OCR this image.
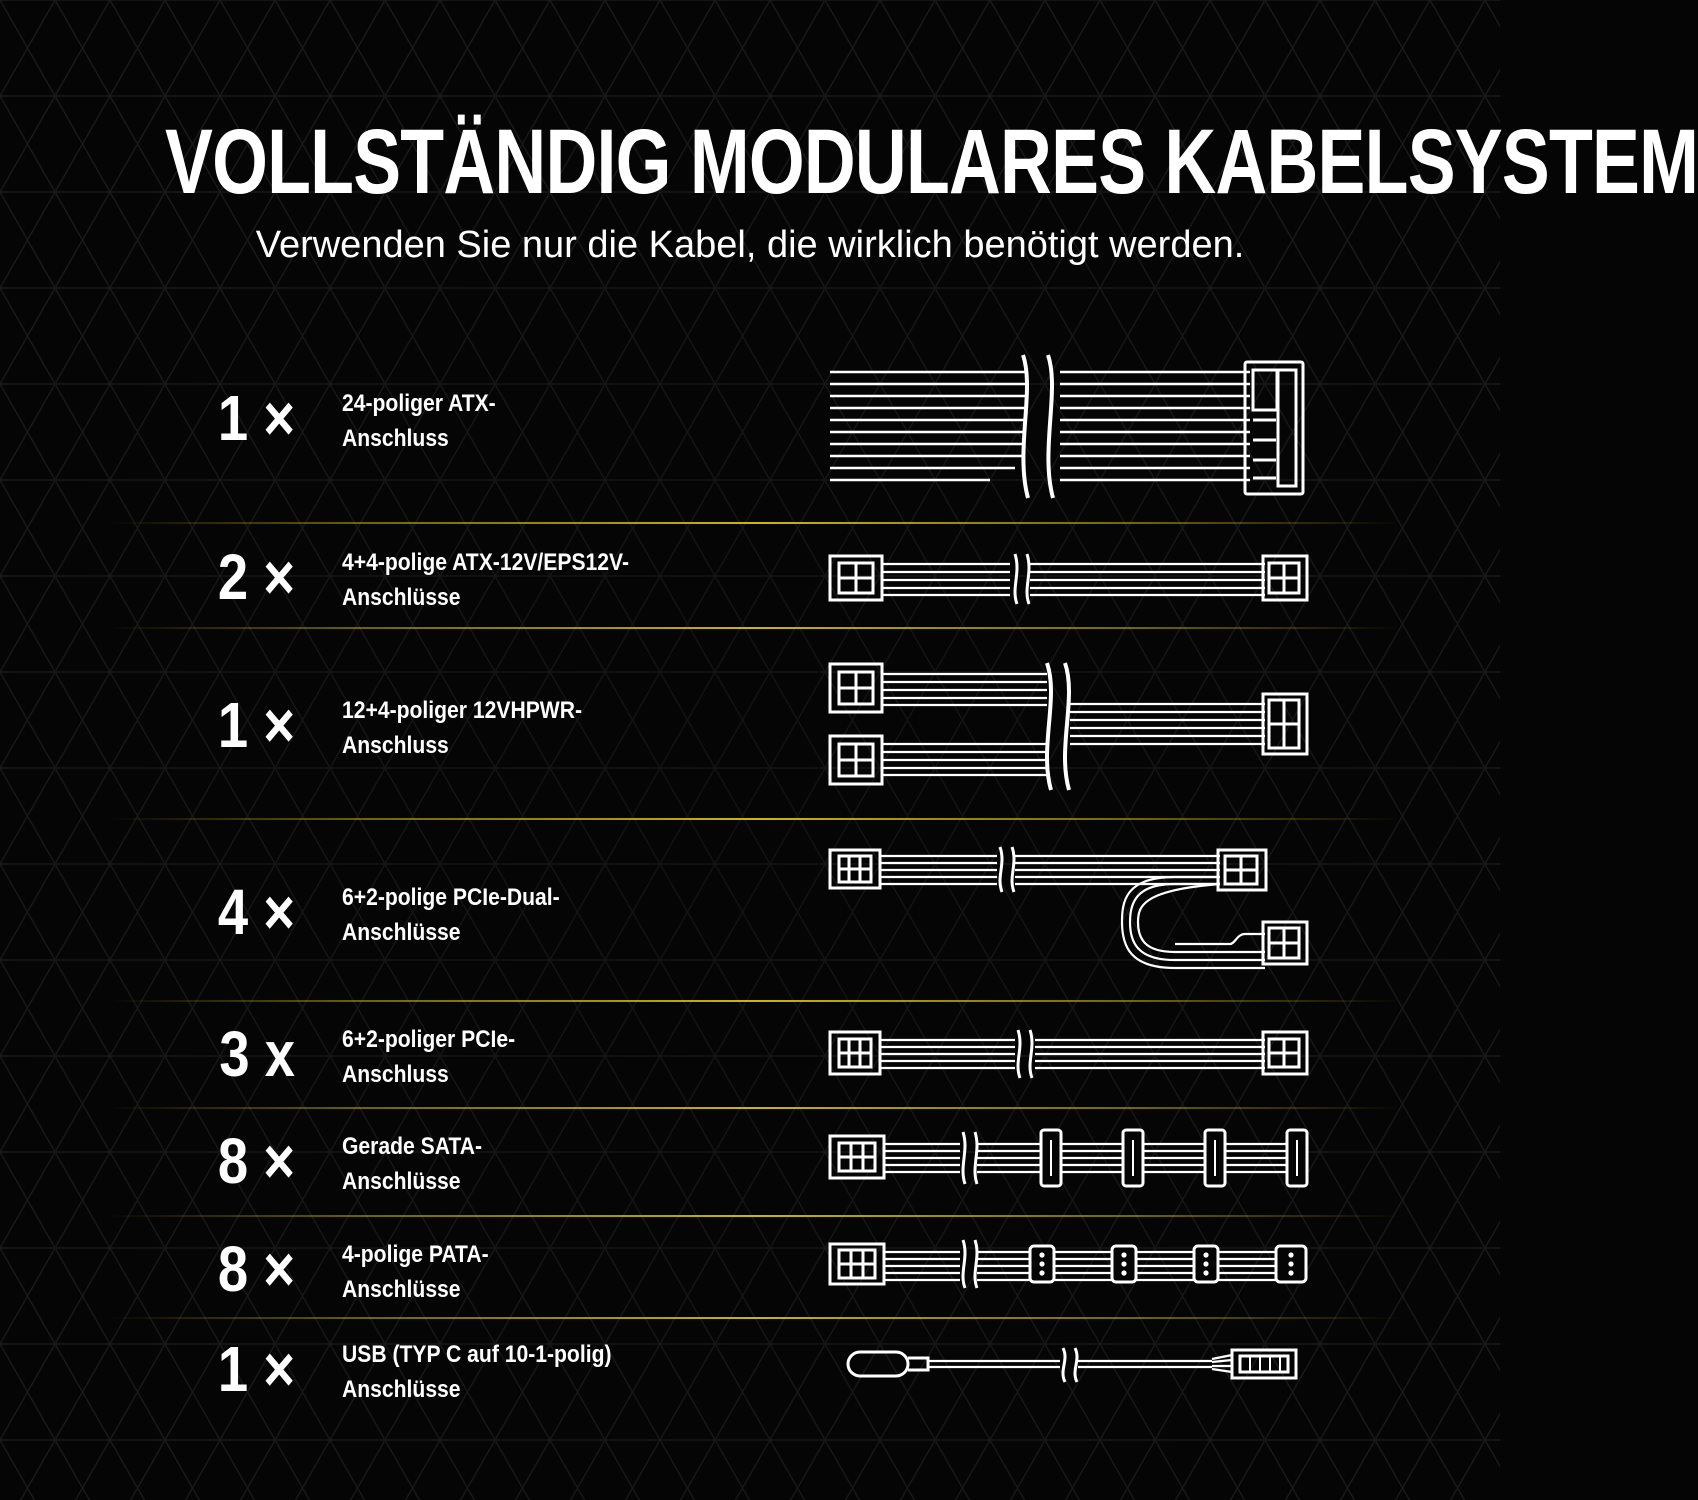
VOLLSTÄNDIG MODULARES KABELSYSTEM
Verwenden Sie nur die Kabel, die wirklich benötigt werden.
1 × 24-poliger ATX-
Anschluss
2 × 4+4-polige ATX-12V/EPS12V-
Anschlüsse
1 × 12+4-poliger 12VHPWR-
Anschluss
4 × 6+2-polige PCIe-Dual-
Anschlüsse
3 x 6+2-poliger PCIe-
Anschluss
8 × Gerade SATA-
Anschlüsse
8 × 4-polige PATA-
Anschlüsse
1 × USB (TYP C auf 10-1-polig)
Anschlüsse
